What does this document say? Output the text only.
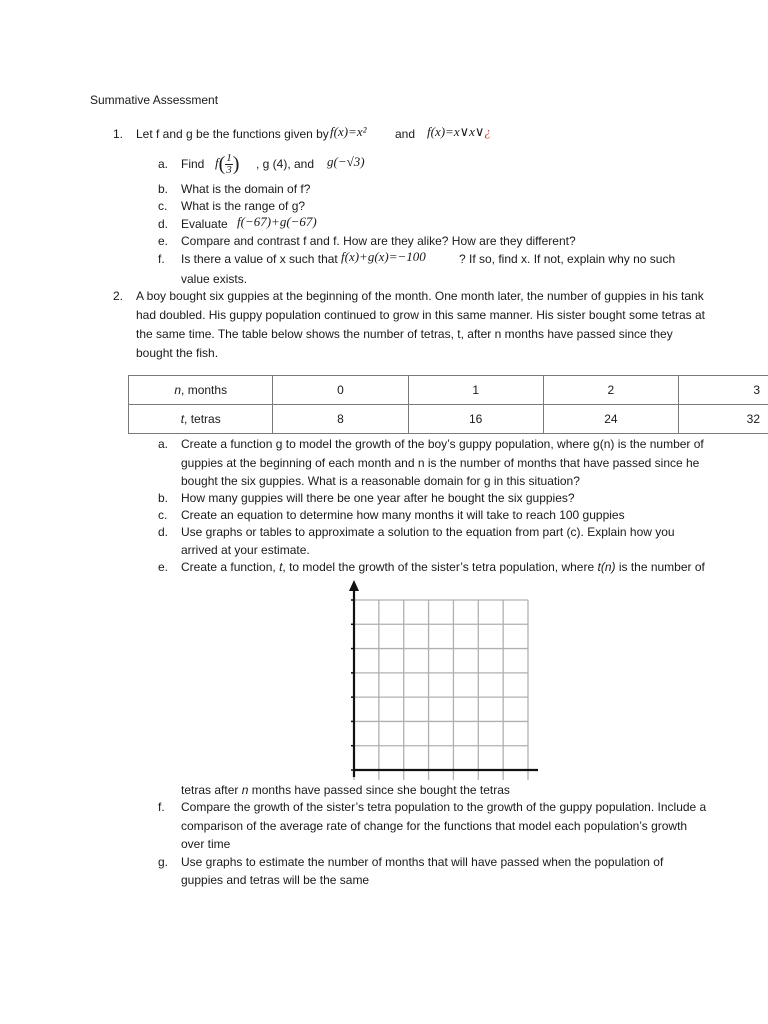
Summative Assessment
1. Let f and g be the functions given by f(x)=x² and f(x)=x∨x∨¿
a. Find $f( \frac{1}{3}$ ) , g (4), and g(−√3)
b. What is the domain of f?
c. What is the range of g?
d. Evaluate f(−67)+g(−67)
e. Compare and contrast f and f. How are they alike? How are they different?
f. Is there a value of x such that f(x)+g(x)=−100	? If so, find x. If not, explain why no such
value exists.
2. A boy bought six guppies at the beginning of the month. One month later, the number of guppies in his tank
had doubled. His guppy population continued to grow in this same manner. His sister bought some tetras at
the same time. The table below shows the number of tetras, t, after n months have passed since they
bought the fish.
n, months	0	1	2	3
t, tetras	8	16	24	32
a. Create a function g to model the growth of the boy’s guppy population, where g(n) is the number of
guppies at the beginning of each month and n is the number of months that have passed since he
bought the six guppies. What is a reasonable domain for g in this situation?
b. How many guppies will there be one year after he bought the six guppies?
c. Create an equation to determine how many months it will take to reach 100 guppies
d. Use graphs or tables to approximate a solution to the equation from part (c). Explain how you
arrived at your estimate.
e. Create a function, t, to model the growth of the sister’s tetra population, where t(n) is the number of
tetras after n months have passed since she bought the tetras
f. Compare the growth of the sister’s tetra population to the growth of the guppy population. Include a
comparison of the average rate of change for the functions that model each population’s growth
over time
g. Use graphs to estimate the number of months that will have passed when the population of
guppies and tetras will be the same
